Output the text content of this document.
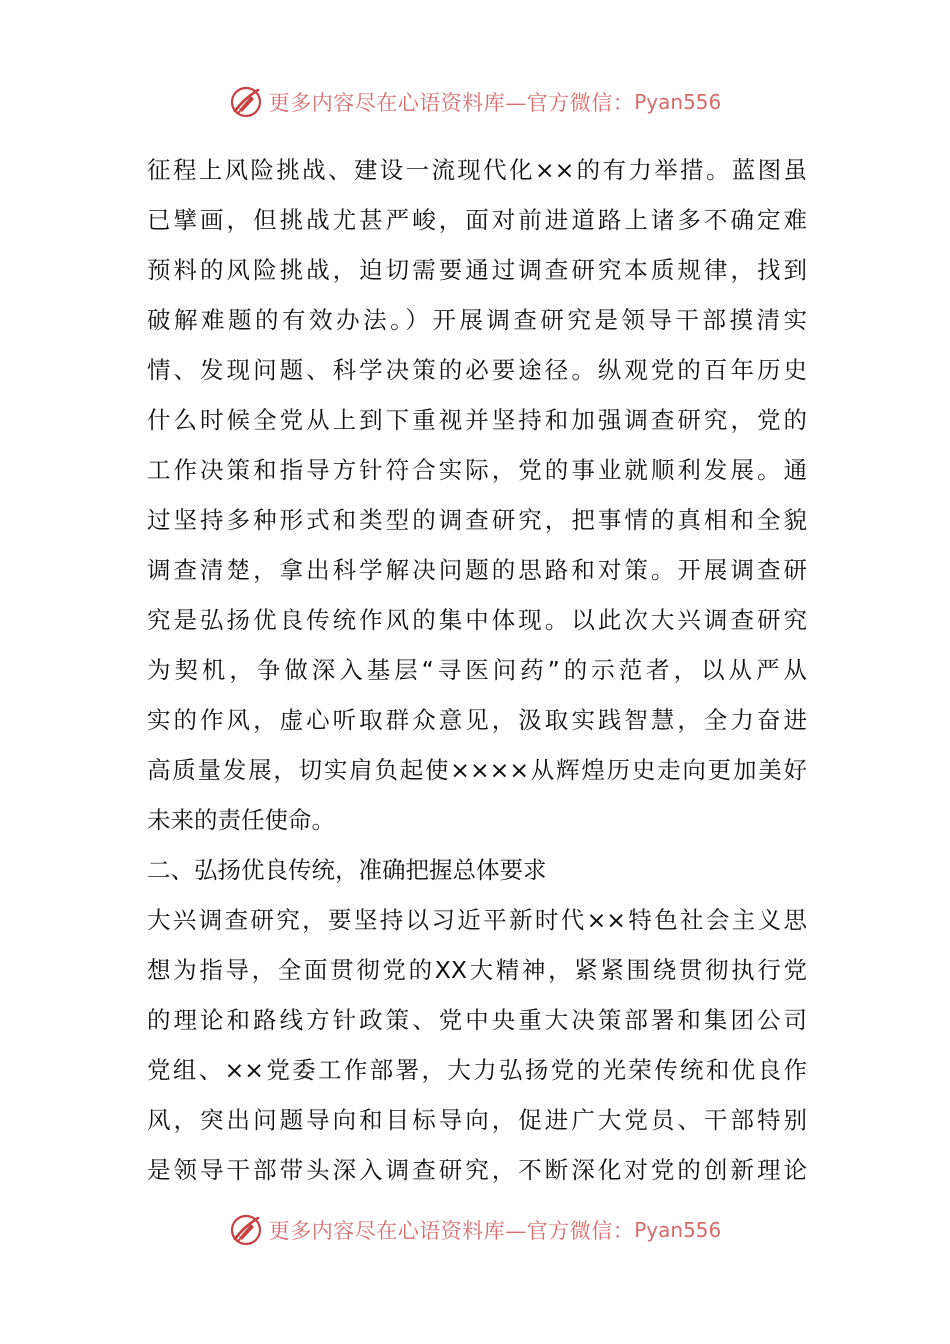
更多内容尽在心语资料库—官方微信： Pyan556
征程上风险挑战、建设一流现代化××的有力举措。蓝图虽
已擘画，但挑战尤甚严峻，面对前进道路上诸多不确定难
预料的风险挑战，迫切需要通过调查研究本质规律，找到
破解难题的有效办法。）开展调查研究是领导干部摸清实
情、发现问题、科学决策的必要途径。纵观党的百年历史
什么时候全党从上到下重视并坚持和加强调查研究，党的
工作决策和指导方针符合实际，党的事业就顺利发展。通
过坚持多种形式和类型的调查研究，把事情的真相和全貌
调查清楚，拿出科学解决问题的思路和对策。开展调查研
究是弘扬优良传统作风的集中体现。以此次大兴调查研究
为契机，争做深入基层“寻医问药”的示范者，以从严从
实的作风，虚心听取群众意见，汲取实践智慧，全力奋进
高质量发展，切实肩负起使××××从辉煌历史走向更加美好
未来的责任使命。
二、弘扬优良传统，准确把握总体要求
大兴调查研究，要坚持以习近平新时代××特色社会主义思
想为指导，全面贯彻党的XX大精神，紧紧围绕贯彻执行党
的理论和路线方针政策、党中央重大决策部署和集团公司
党组、××党委工作部署，大力弘扬党的光荣传统和优良作
风，突出问题导向和目标导向，促进广大党员、干部特别
是领导干部带头深入调查研究，不断深化对党的创新理论
更多内容尽在心语资料库—官方微信： Pyan556
